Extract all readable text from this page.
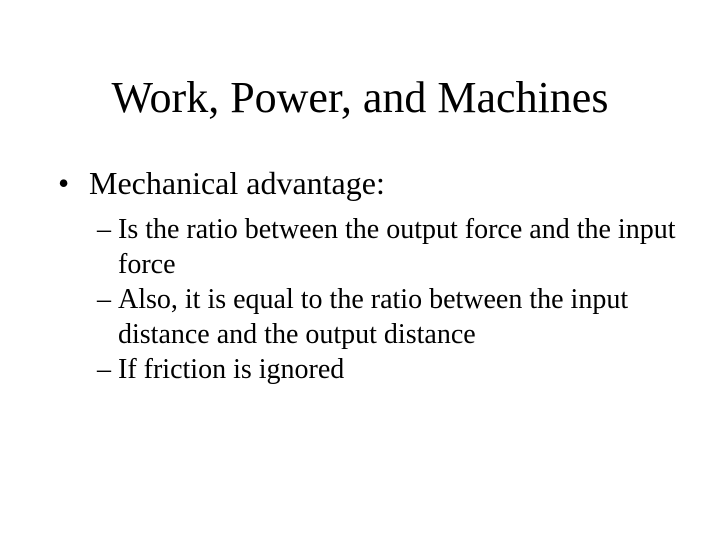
Work, Power, and Machines
• Mechanical advantage:
– Is the ratio between the output force and the input force
– Also, it is equal to the ratio between the input distance and the output distance
– If friction is ignored
